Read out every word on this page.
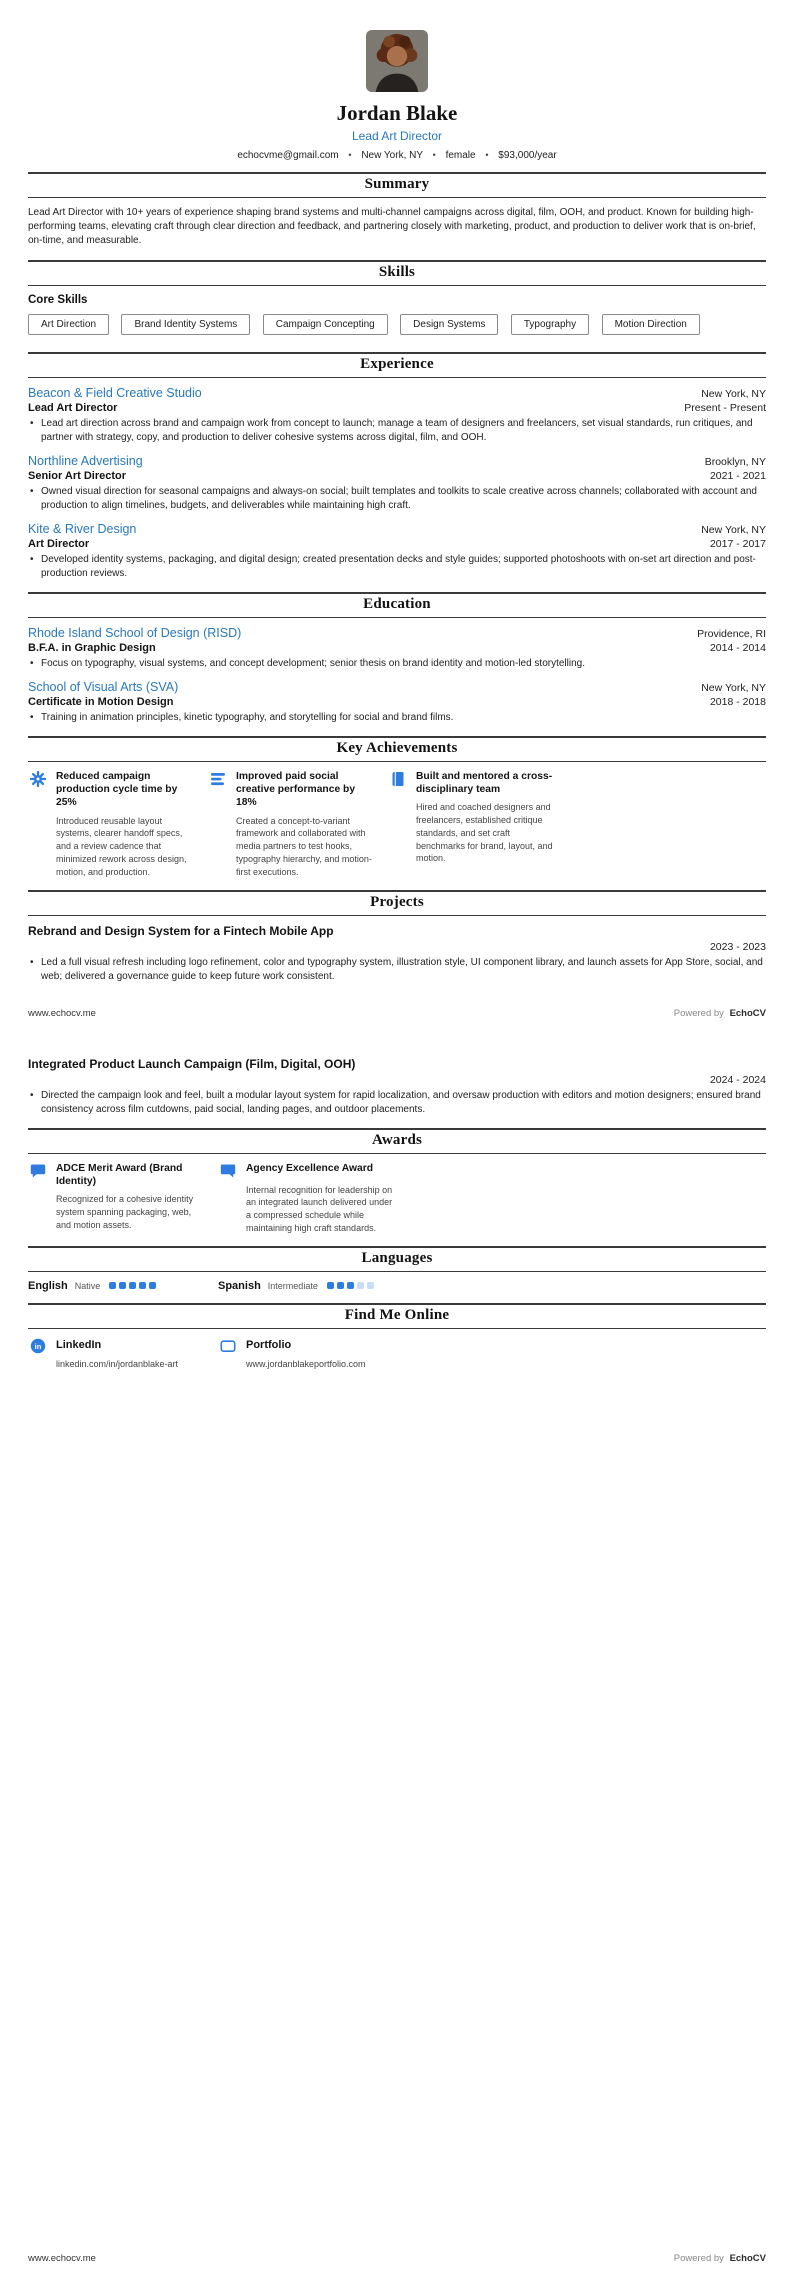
Jordan Blake
Lead Art Director
echocvme@gmail.com • New York, NY • female • $93,000/year
Summary

Lead Art Director with 10+ years of experience shaping brand systems and multi-channel campaigns across digital, film, OOH, and product. Known for building high-performing teams, elevating craft through clear direction and feedback, and partnering closely with marketing, product, and production to deliver work that is on-brief, on-time, and measurable.

Skills
Core Skills
Art Direction	Brand Identity Systems	Campaign Concepting	Design Systems	Typography	Motion Direction
Experience
Beacon & Field Creative Studio	New York, NY
Lead Art Director	Present - Present
• Lead art direction across brand and campaign work from concept to launch; manage a team of designers and freelancers, set visual standards, run critiques, and partner with strategy, copy, and production to deliver cohesive systems across digital, film, and OOH.
Northline Advertising	Brooklyn, NY
Senior Art Director	2021 - 2021
• Owned visual direction for seasonal campaigns and always-on social; built templates and toolkits to scale creative across channels; collaborated with account and production to align timelines, budgets, and deliverables while maintaining high craft.
Kite & River Design	New York, NY
Art Director	2017 - 2017
• Developed identity systems, packaging, and digital design; created presentation decks and style guides; supported photoshoots with on-set art direction and post-production reviews.
Education
Rhode Island School of Design (RISD)	Providence, RI
B.F.A. in Graphic Design	2014 - 2014
• Focus on typography, visual systems, and concept development; senior thesis on brand identity and motion-led storytelling.
School of Visual Arts (SVA)	New York, NY
Certificate in Motion Design	2018 - 2018
• Training in animation principles, kinetic typography, and storytelling for social and brand films.
Key Achievements
Reduced campaign production cycle time by 25%
Introduced reusable layout systems, clearer handoff specs, and a review cadence that minimized rework across design, motion, and production.
Improved paid social creative performance by 18%
Created a concept-to-variant framework and collaborated with media partners to test hooks, typography hierarchy, and motion-first executions.
Built and mentored a cross-disciplinary team
Hired and coached designers and freelancers, established critique standards, and set craft benchmarks for brand, layout, and motion.
Projects
Rebrand and Design System for a Fintech Mobile App
2023 - 2023
• Led a full visual refresh including logo refinement, color and typography system, illustration style, UI component library, and launch assets for App Store, social, and web; delivered a governance guide to keep future work consistent.
www.echocv.me	Powered by EchoCV
Integrated Product Launch Campaign (Film, Digital, OOH)
2024 - 2024
• Directed the campaign look and feel, built a modular layout system for rapid localization, and oversaw production with editors and motion designers; ensured brand consistency across film cutdowns, paid social, landing pages, and outdoor placements.
Awards
ADCE Merit Award (Brand Identity)
Recognized for a cohesive identity system spanning packaging, web, and motion assets.
Agency Excellence Award
Internal recognition for leadership on an integrated launch delivered under a compressed schedule while maintaining high craft standards.
Languages
English Native	Spanish Intermediate
Find Me Online
in LinkedIn
linkedin.com/in/jordanblake-art
Portfolio
www.jordanblakeportfolio.com
www.echocv.me	Powered by EchoCV
